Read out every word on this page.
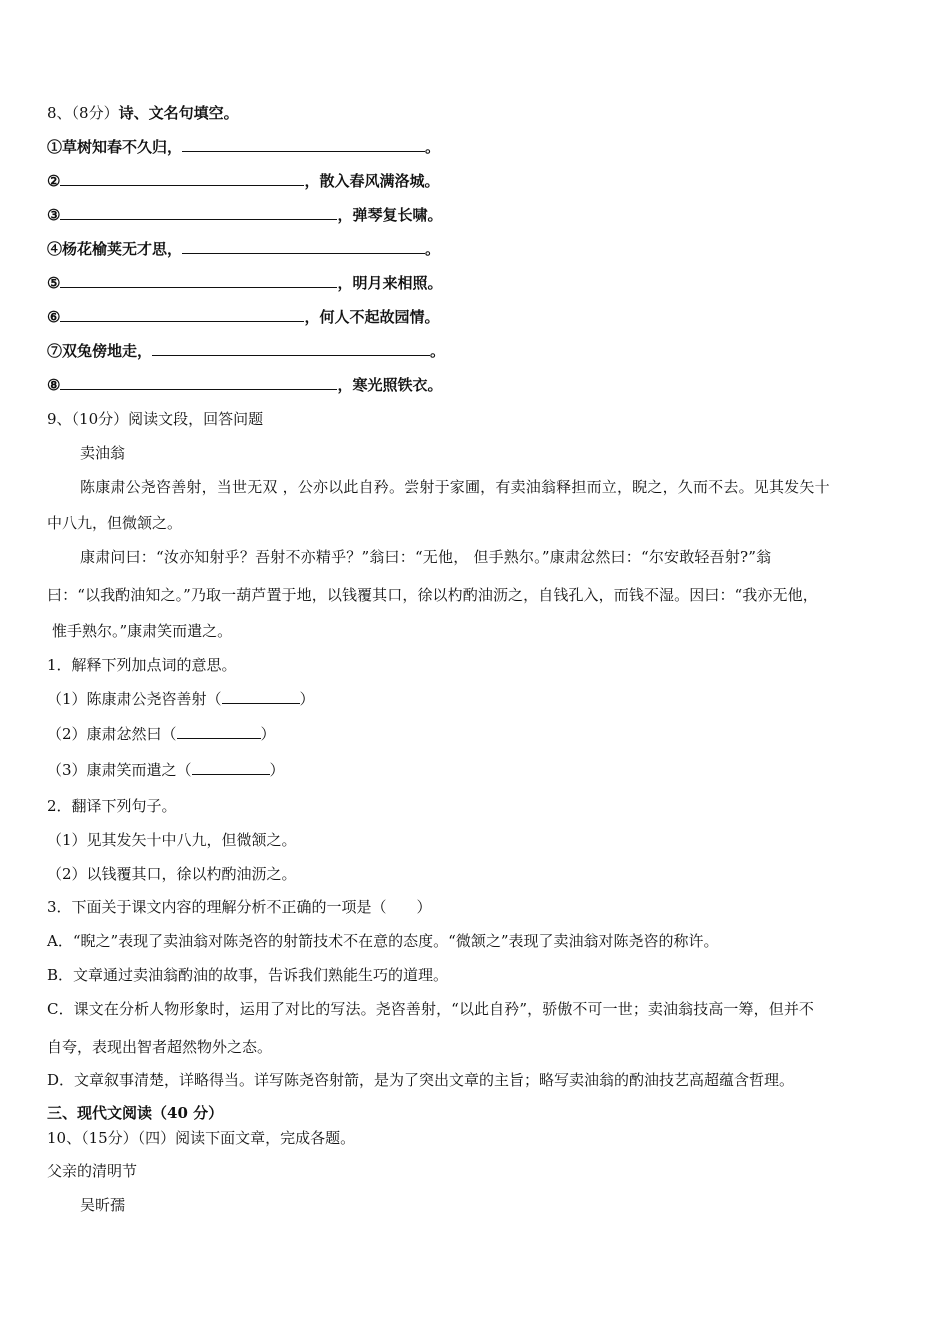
8、（8分）诗、文名句填空。
①草树知春不久归，	。
②	，散入春风满洛城。
③	，弹琴复长啸。
④杨花榆荚无才思，	。
⑤	，明月来相照。
⑥	，何人不起故园情。
⑦双兔傍地走，	。
⑧	，寒光照铁衣。
9、（10分）阅读文段，回答问题
卖油翁
陈康肃公尧咨善射，当世无双 ，公亦以此自矜。尝射于家圃，有卖油翁释担而立，睨之，久而不去。见其发矢十
中八九，但微颔之。
康肃问曰：“汝亦知射乎？吾射不亦精乎？”翁曰：“无他， 但手熟尔。”康肃忿然曰：“尔安敢轻吾射?”翁
曰：“以我酌油知之。”乃取一葫芦置于地，以钱覆其口，徐以杓酌油沥之，自钱孔入，而钱不湿。因曰：“我亦无他，
惟手熟尔。”康肃笑而遣之。
1．解释下列加点词的意思。
（1）陈康肃公尧咨善射（	）
（2）康肃忿然曰（	）
（3）康肃笑而遣之（	）
2．翻译下列句子。
（1）见其发矢十中八九，但微颔之。
（2）以钱覆其口，徐以杓酌油沥之。
3．下面关于课文内容的理解分析不正确的一项是（　　）
A．“睨之”表现了卖油翁对陈尧咨的射箭技术不在意的态度。“微颔之”表现了卖油翁对陈尧咨的称许。
B．文章通过卖油翁酌油的故事，告诉我们熟能生巧的道理。
C．课文在分析人物形象时，运用了对比的写法。尧咨善射，“以此自矜”，骄傲不可一世；卖油翁技高一筹，但并不
自夸，表现出智者超然物外之态。
D．文章叙事清楚，详略得当。详写陈尧咨射箭，是为了突出文章的主旨；略写卖油翁的酌油技艺高超蕴含哲理。
三、现代文阅读（40 分）
10、（15分）（四）阅读下面文章，完成各题。
父亲的清明节
吴昕孺
